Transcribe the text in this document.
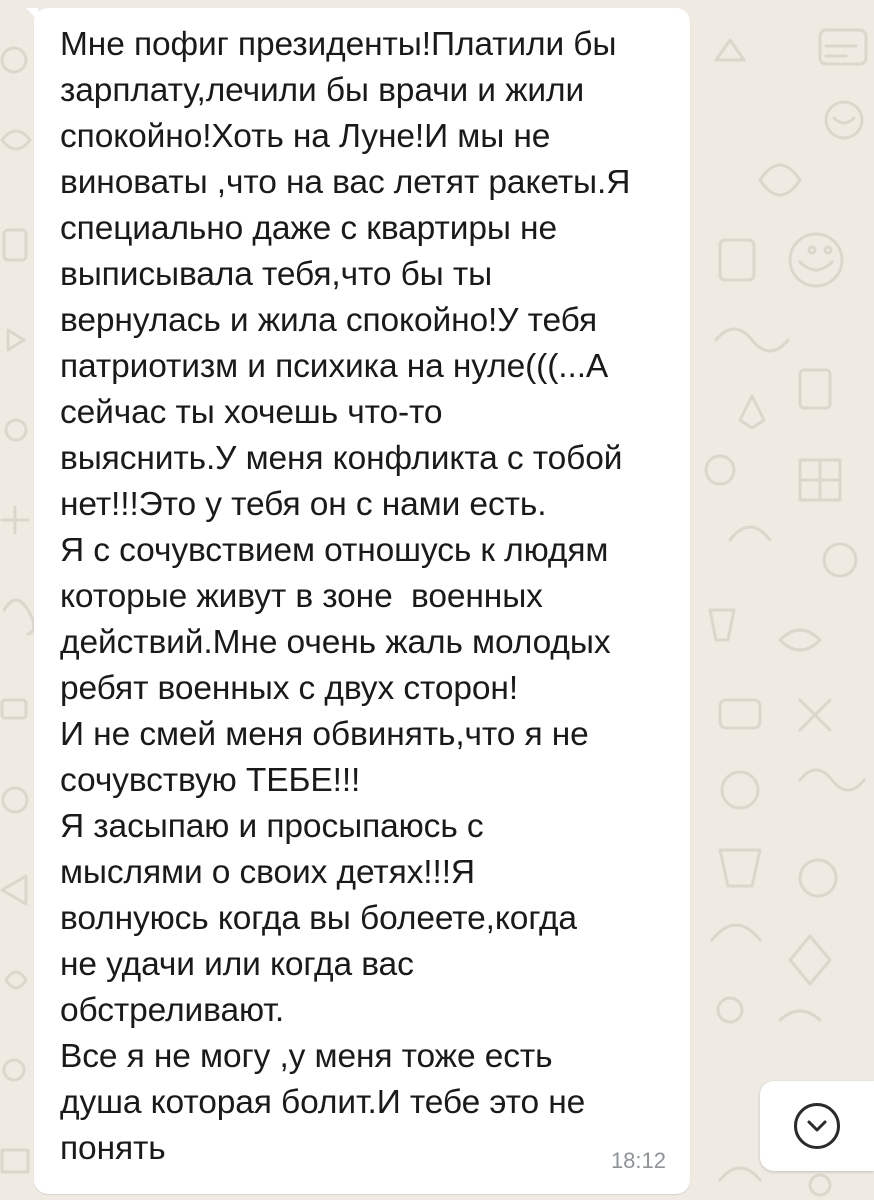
Мне пофиг президенты!Платили бы
зарплату,лечили бы врачи и жили
спокойно!Хоть на Луне!И мы не
виноваты ,что на вас летят ракеты.Я
специально даже с квартиры не
выписывала тебя,что бы ты
вернулась и жила спокойно!У тебя
патриотизм и психика на нуле(((...А
сейчас ты хочешь что-то
выяснить.У меня конфликта с тобой
нет!!!Это у тебя он с нами есть.
Я с сочувствием отношусь к людям
которые живут в зоне  военных
действий.Мне очень жаль молодых
ребят военных с двух сторон!
И не смей меня обвинять,что я не
сочувствую ТЕБЕ!!!
Я засыпаю и просыпаюсь с
мыслями о своих детях!!!Я
волнуюсь когда вы болеете,когда
не удачи или когда вас
обстреливают.
Все я не могу ,у меня тоже есть
душа которая болит.И тебе это не
понять	18:12
